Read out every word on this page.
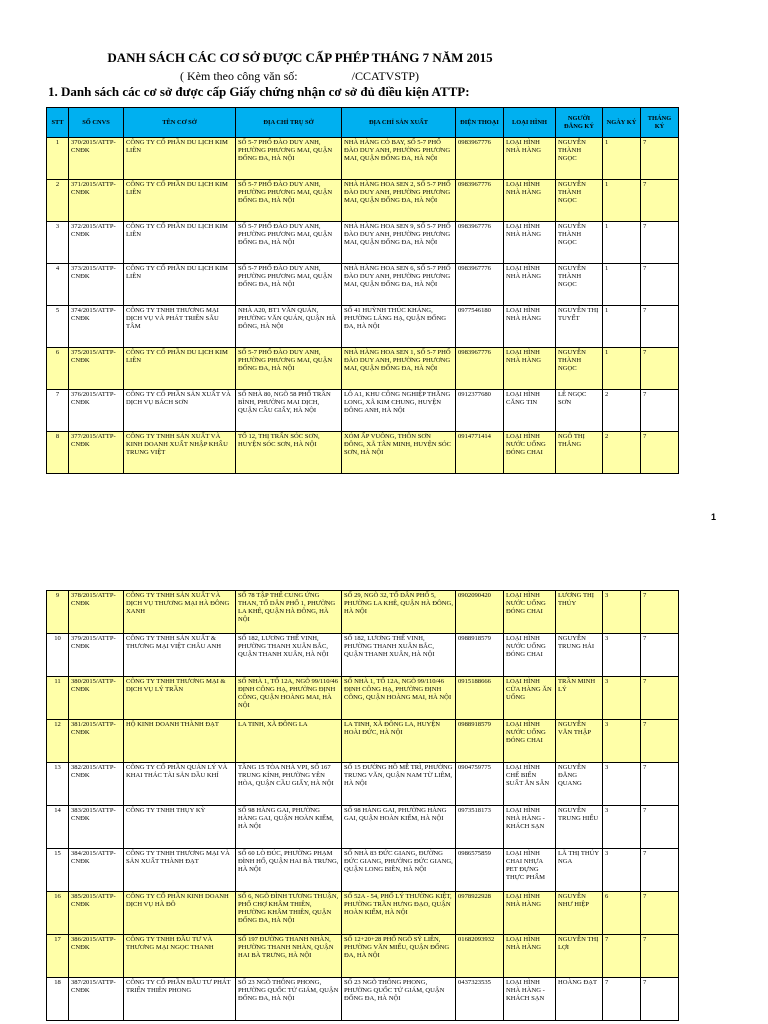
DANH SÁCH CÁC CƠ SỞ ĐƯỢC CẤP PHÉP THÁNG 7 NĂM 2015
( Kèm theo công văn số:                  /CCATVSTP)
1. Danh sách các cơ sở được cấp Giấy chứng nhận cơ sở đủ điều kiện ATTP:
STT	SỐ CNVS	TÊN CƠ SỞ	ĐỊA CHỈ TRỤ SỞ	ĐỊA CHỈ SẢN XUẤT	ĐIỆN THOẠI	LOẠI HÌNH	NGƯỜI ĐĂNG KÝ	NGÀY KÝ	THÁNG KÝ
1	370/2015/ATTP-CNĐK	CÔNG TY CỔ PHẦN DU LỊCH KIM LIÊN	SỐ 5-7 PHỐ ĐÀO DUY ANH, PHƯỜNG PHƯƠNG MAI, QUẬN ĐỐNG ĐA, HÀ NỘI	NHÀ HÀNG CỎ BAY, SỐ 5-7 PHỐ ĐÀO DUY ANH, PHƯỜNG PHƯƠNG MAI, QUẬN ĐỐNG ĐA, HÀ NỘI	0983967776	LOẠI HÌNH NHÀ HÀNG	NGUYỄN THÀNH NGỌC	1	7
2	371/2015/ATTP-CNĐK	CÔNG TY CỔ PHẦN DU LỊCH KIM LIÊN	SỐ 5-7 PHỐ ĐÀO DUY ANH, PHƯỜNG PHƯƠNG MAI, QUẬN ĐỐNG ĐA, HÀ NỘI	NHÀ HÀNG HOA SEN 2, SỐ 5-7 PHỐ ĐÀO DUY ANH, PHƯỜNG PHƯƠNG MAI, QUẬN ĐỐNG ĐA, HÀ NỘI	0983967776	LOẠI HÌNH NHÀ HÀNG	NGUYỄN THÀNH NGỌC	1	7
3	372/2015/ATTP-CNĐK	CÔNG TY CỔ PHẦN DU LỊCH KIM LIÊN	SỐ 5-7 PHỐ ĐÀO DUY ANH, PHƯỜNG PHƯƠNG MAI, QUẬN ĐỐNG ĐA, HÀ NỘI	NHÀ HÀNG HOA SEN 9, SỐ 5-7 PHỐ ĐÀO DUY ANH, PHƯỜNG PHƯƠNG MAI, QUẬN ĐỐNG ĐA, HÀ NỘI	0983967776	LOẠI HÌNH NHÀ HÀNG	NGUYỄN THÀNH NGỌC	1	7
4	373/2015/ATTP-CNĐK	CÔNG TY CỔ PHẦN DU LỊCH KIM LIÊN	SỐ 5-7 PHỐ ĐÀO DUY ANH, PHƯỜNG PHƯƠNG MAI, QUẬN ĐỐNG ĐA, HÀ NỘI	NHÀ HÀNG HOA SEN 6, SỐ 5-7 PHỐ ĐÀO DUY ANH, PHƯỜNG PHƯƠNG MAI, QUẬN ĐỐNG ĐA, HÀ NỘI	0983967776	LOẠI HÌNH NHÀ HÀNG	NGUYỄN THÀNH NGỌC	1	7
5	374/2015/ATTP-CNĐK	CÔNG TY TNHH THƯƠNG MẠI DỊCH VỤ VÀ PHÁT TRIỂN SẮU TÂM	NHÀ A20, BT1 VĂN QUÁN, PHƯỜNG VĂN QUÁN, QUẬN HÀ ĐÔNG, HÀ NỘI	SỐ 41 HUỲNH THÚC KHÁNG, PHƯỜNG LÁNG HẠ, QUẬN ĐỐNG ĐA, HÀ NỘI	0977546180	LOẠI HÌNH NHÀ HÀNG	NGUYỄN THỊ TUYẾT	1	7
6	375/2015/ATTP-CNĐK	CÔNG TY CỔ PHẦN DU LỊCH KIM LIÊN	SỐ 5-7 PHỐ ĐÀO DUY ANH, PHƯỜNG PHƯƠNG MAI, QUẬN ĐỐNG ĐA, HÀ NỘI	NHÀ HÀNG HOA SEN 1, SỐ 5-7 PHỐ ĐÀO DUY ANH, PHƯỜNG PHƯƠNG MAI, QUẬN ĐỐNG ĐA, HÀ NỘI	0983967776	LOẠI HÌNH NHÀ HÀNG	NGUYỄN THÀNH NGỌC	1	7
7	376/2015/ATTP-CNĐK	CÔNG TY CỔ PHẦN SẢN XUẤT VÀ DỊCH VỤ BÁCH SƠN	SỐ NHÀ 80, NGÕ 58 PHỐ TRẦN BÌNH, PHƯỜNG MAI DỊCH, QUẬN CẦU GIẤY, HÀ NỘI	LÔ A1, KHU CÔNG NGHIỆP THĂNG LONG, XÃ KIM CHUNG, HUYỆN ĐÔNG ANH, HÀ NỘI	0912377680	LOẠI HÌNH CĂNG TIN	LÊ NGỌC SƠN	2	7
8	377/2015/ATTP-CNĐK	CÔNG TY TNHH SẢN XUẤT VÀ KINH DOANH XUẤT NHẬP KHẨU TRUNG VIỆT	TỔ 12, THỊ TRẤN SÓC SƠN, HUYỆN SÓC SƠN, HÀ NỘI	XÓM ẤP VUÔNG, THÔN SƠN ĐÔNG, XÃ TÂN MINH, HUYỆN SÓC SƠN, HÀ NỘI	0914771414	LOẠI HÌNH NƯỚC UỐNG ĐÓNG CHAI	NGÔ THỊ THẮNG	2	7
1
9	378/2015/ATTP-CNĐK	CÔNG TY TNHH SẢN XUẤT VÀ DỊCH VỤ THƯƠNG MẠI HÀ ĐÔNG XANH	SỐ 78 TẬP THỂ CUNG ỨNG THAN, TỔ DÂN PHỐ 1, PHƯỜNG LA KHÊ, QUẬN HÀ ĐÔNG, HÀ NỘI	SỐ 29, NGÕ 32, TỔ DÂN PHỐ 5, PHƯỜNG LA KHÊ, QUẬN HÀ ĐÔNG, HÀ NỘI	0902090420	LOẠI HÌNH NƯỚC UỐNG ĐÓNG CHAI	LƯƠNG THỊ THỦY	3	7
10	379/2015/ATTP-CNĐK	CÔNG TY TNHH SẢN XUẤT & THƯƠNG MẠI VIỆT CHÂU ANH	SỐ 182, LƯƠNG THẾ VINH, PHƯỜNG THANH XUÂN BẮC, QUẬN THANH XUÂN, HÀ NỘI	SỐ 182, LƯƠNG THẾ VINH, PHƯỜNG THANH XUÂN BẮC, QUẬN THANH XUÂN, HÀ NỘI	0988918579	LOẠI HÌNH NƯỚC UỐNG ĐÓNG CHAI	NGUYỄN TRUNG HẢI	3	7
11	380/2015/ATTP-CNĐK	CÔNG TY TNHH THƯƠNG MẠI & DỊCH VỤ LÝ TRẦN	SỐ NHÀ 1, TỔ 12A, NGÕ 99/110/46 ĐỊNH CÔNG HẠ, PHƯỜNG ĐỊNH CÔNG, QUẬN HOÀNG MAI, HÀ NỘI	SỐ NHÀ 1, TỔ 12A, NGÕ 99/110/46 ĐỊNH CÔNG HẠ, PHƯỜNG ĐỊNH CÔNG, QUẬN HOÀNG MAI, HÀ NỘI	0915188666	LOẠI HÌNH CỬA HÀNG ĂN UỐNG	TRẦN MINH LÝ	3	7
12	381/2015/ATTP-CNĐK	HỘ KINH DOANH THÀNH ĐẠT	LA TINH, XÃ ĐÔNG LA	LA TINH, XÃ ĐÔNG LA, HUYỆN HOÀI ĐỨC, HÀ NỘI	0988918579	LOẠI HÌNH NƯỚC UỐNG ĐÓNG CHAI	NGUYỄN VĂN THẬP	3	7
13	382/2015/ATTP-CNĐK	CÔNG TY CỔ PHẦN QUẢN LÝ VÀ KHAI THÁC TÀI SẢN DẦU KHÍ	TẦNG 15 TÒA NHÀ VPI, SỐ 167 TRUNG KÍNH, PHƯỜNG YÊN HÒA, QUẬN CẦU GIẤY, HÀ NỘI	SỐ 15 ĐƯỜNG HỒ MỄ TRÌ, PHƯỜNG TRUNG VĂN, QUẬN NAM TỪ LIÊM, HÀ NỘI	0904759775	LOẠI HÌNH CHẾ BIẾN SUẤT ĂN SẴN	NGUYỄN ĐĂNG QUANG	3	7
14	383/2015/ATTP-CNĐK	CÔNG TY TNHH THỤY KỲ	SỐ 98 HÀNG GAI, PHƯỜNG HÀNG GAI, QUẬN HOÀN KIẾM, HÀ NỘI	SỐ 98 HÀNG GAI, PHƯỜNG HÀNG GAI, QUẬN HOÀN KIẾM, HÀ NỘI	0973518173	LOẠI HÌNH NHÀ HÀNG - KHÁCH SẠN	NGUYỄN TRUNG HIẾU	3	7
15	384/2015/ATTP-CNĐK	CÔNG TY TNHH THƯƠNG MẠI VÀ SẢN XUẤT THÀNH ĐẠT	SỐ 60 LÒ ĐÚC, PHƯỜNG PHẠM ĐÌNH HỔ, QUẬN HAI BÀ TRƯNG, HÀ NỘI	SỐ NHÀ 83 ĐỨC GIANG, ĐƯỜNG ĐỨC GIANG, PHƯỜNG ĐỨC GIANG, QUẬN LONG BIÊN, HÀ NỘI	0986575859	LOẠI HÌNH CHAI NHỰA PET ĐỰNG THỰC PHẨM	LÃ THỊ THÚY NGA	3	7
16	385/2015/ATTP-CNĐK	CÔNG TY CỔ PHẦN KINH DOANH DỊCH VỤ HÀ ĐÔ	SỐ 6, NGÕ ĐÌNH TƯƠNG THUẬN, PHỐ CHỢ KHÂM THIÊN, PHƯỜNG KHÂM THIÊN, QUẬN ĐỐNG ĐA, HÀ NỘI	SỐ 52A - 54, PHỐ LÝ THƯỜNG KIỆT, PHƯỜNG TRẦN HƯNG ĐẠO, QUẬN HOÀN KIẾM, HÀ NỘI	0978922928	LOẠI HÌNH NHÀ HÀNG	NGUYỄN NHƯ HIỆP	6	7
17	386/2015/ATTP-CNĐK	CÔNG TY TNHH ĐẦU TƯ VÀ THƯƠNG MẠI NGỌC THANH	SỐ 197 ĐƯỜNG THANH NHÀN, PHƯỜNG THANH NHÀN, QUẬN HAI BÀ TRƯNG, HÀ NỘI	SỐ 12+20+28 PHỐ NGÕ SỸ LIÊN, PHƯỜNG VĂN MIẾU, QUẬN ĐỐNG ĐA, HÀ NỘI	01682093932	LOẠI HÌNH NHÀ HÀNG	NGUYỄN THỊ LỢI	7	7
18	387/2015/ATTP-CNĐK	CÔNG TY CỔ PHẦN ĐẦU TƯ PHÁT TRIỂN THIÊN PHONG	SỐ 23 NGÕ THÔNG PHONG, PHƯỜNG QUỐC TỬ GIÁM, QUẬN ĐỐNG ĐA, HÀ NỘI	SỐ 23 NGÕ THÔNG PHONG, PHƯỜNG QUỐC TỬ GIÁM, QUẬN ĐỐNG ĐA, HÀ NỘI	0437323535	LOẠI HÌNH NHÀ HÀNG - KHÁCH SẠN	HOÀNG ĐẠT	7	7
